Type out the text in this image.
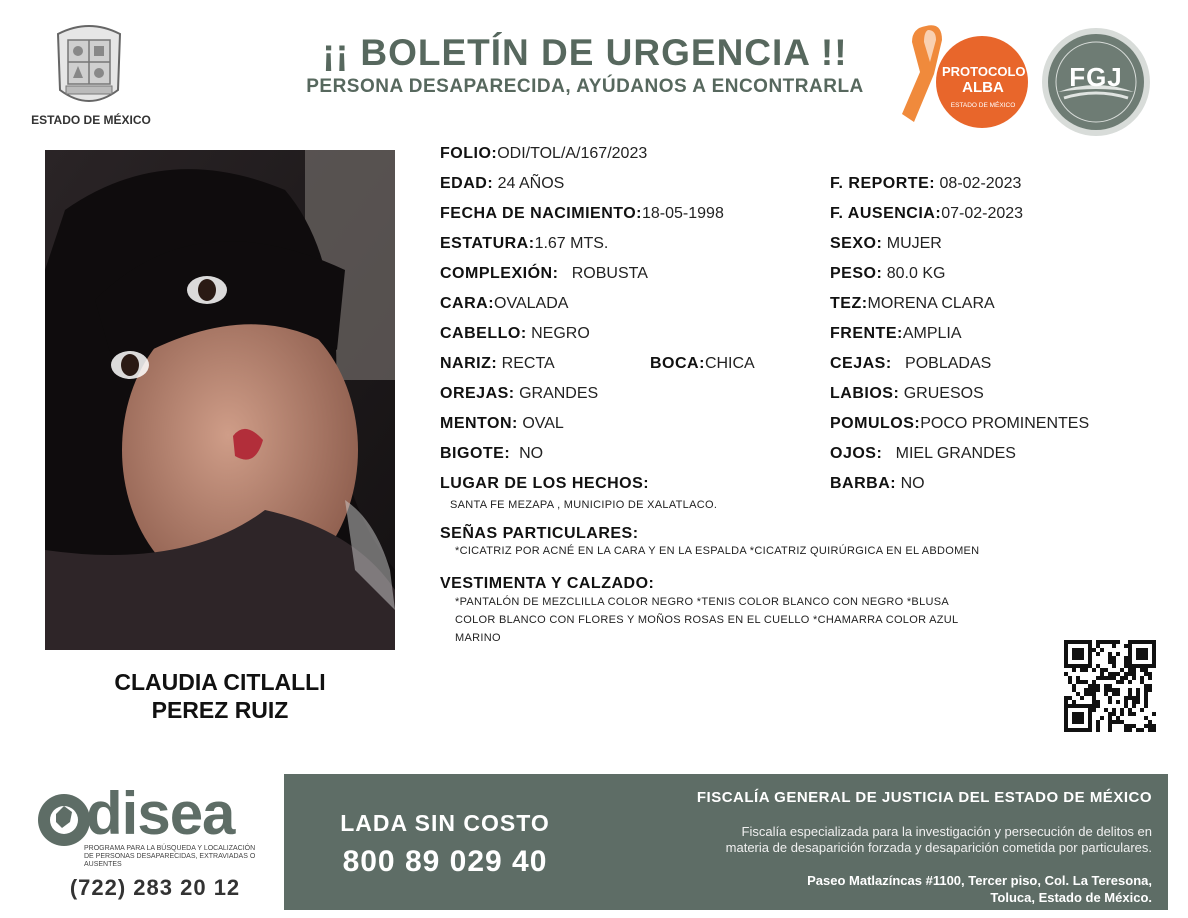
ESTADO DE MÉXICO
¡¡ BOLETÍN DE URGENCIA !!
PERSONA DESAPARECIDA, AYÚDANOS A ENCONTRARLA
PROTOCOLO
ALBA
ESTADO DE MÉXICO
FGJ
CLAUDIA CITLALLI
PEREZ RUIZ
FOLIO:ODI/TOL/A/167/2023
EDAD: 24 AÑOS
FECHA DE NACIMIENTO:18-05-1998
ESTATURA:1.67 MTS.
COMPLEXIÓN: ROBUSTA
CARA:OVALADA
CABELLO: NEGRO
NARIZ: RECTA	BOCA:CHICA
OREJAS: GRANDES
MENTON: OVAL
BIGOTE: NO
LUGAR DE LOS HECHOS:
SANTA FE MEZAPA , MUNICIPIO DE XALATLACO.
F. REPORTE: 08-02-2023
F. AUSENCIA:07-02-2023
SEXO: MUJER
PESO: 80.0 KG
TEZ:MORENA CLARA
FRENTE:AMPLIA
CEJAS: POBLADAS
LABIOS: GRUESOS
POMULOS:POCO PROMINENTES
OJOS: MIEL GRANDES
BARBA: NO
SEÑAS PARTICULARES:
*CICATRIZ POR ACNÉ EN LA CARA Y EN LA ESPALDA *CICATRIZ QUIRÚRGICA EN EL ABDOMEN
VESTIMENTA Y CALZADO:
*PANTALÓN DE MEZCLILLA COLOR NEGRO *TENIS COLOR BLANCO CON NEGRO *BLUSA
COLOR BLANCO CON FLORES Y MOÑOS ROSAS EN EL CUELLO *CHAMARRA COLOR AZUL
MARINO
disea
PROGRAMA PARA LA BÚSQUEDA Y LOCALIZACIÓN
DE PERSONAS DESAPARECIDAS, EXTRAVIADAS O
AUSENTES
(722) 283 20 12
LADA SIN COSTO
800 89 029 40
FISCALÍA GENERAL DE JUSTICIA DEL ESTADO DE MÉXICO
Fiscalía especializada para la investigación y persecución de delitos en
materia de desaparición forzada y desaparición cometida por particulares.
Paseo Matlazíncas #1100, Tercer piso, Col. La Teresona,
Toluca, Estado de México.
